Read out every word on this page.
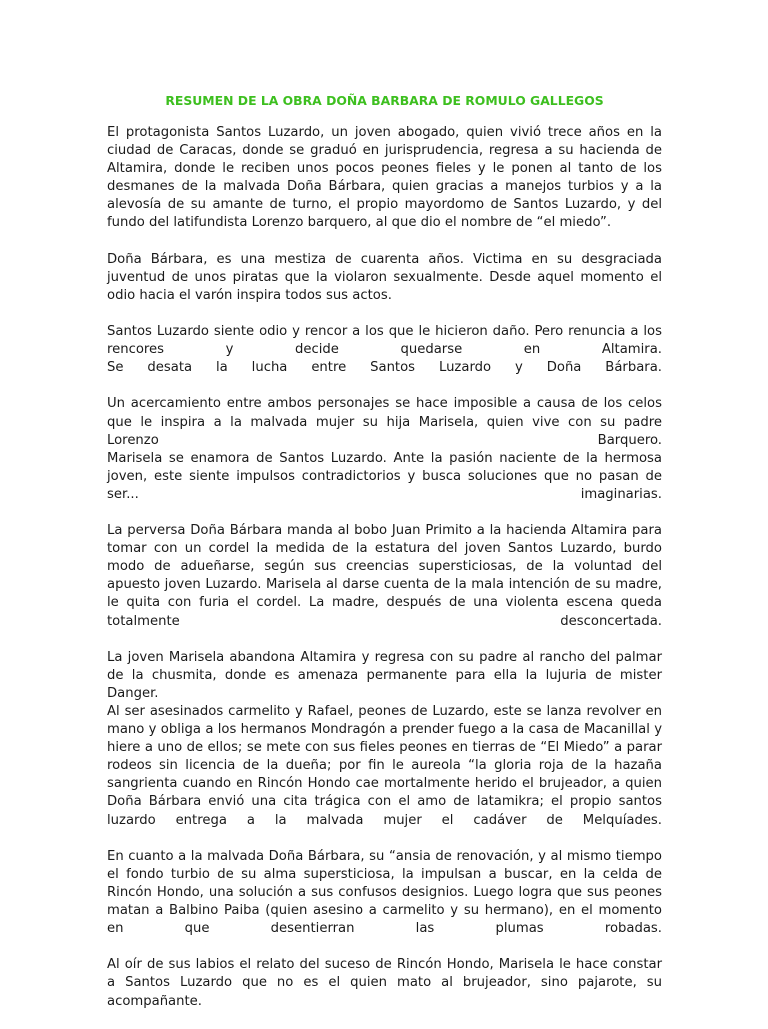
RESUMEN DE LA OBRA DOÑA BARBARA DE ROMULO GALLEGOS
El protagonista Santos Luzardo, un joven abogado, quien vivió trece años en la
ciudad de Caracas, donde se graduó en jurisprudencia, regresa a su hacienda de
Altamira, donde le reciben unos pocos peones fieles y le ponen al tanto de los
desmanes de la malvada Doña Bárbara, quien gracias a manejos turbios y a la
alevosía de su amante de turno, el propio mayordomo de Santos Luzardo, y del
fundo del latifundista Lorenzo barquero, al que dio el nombre de “el miedo”.
Doña Bárbara, es una mestiza de cuarenta años. Victima en su desgraciada
juventud de unos piratas que la violaron sexualmente. Desde aquel momento el
odio hacia el varón inspira todos sus actos.
Santos Luzardo siente odio y rencor a los que le hicieron daño. Pero renuncia a los
rencores y decide quedarse en Altamira.
Se desata la lucha entre Santos Luzardo y Doña Bárbara.
Un acercamiento entre ambos personajes se hace imposible a causa de los celos
que le inspira a la malvada mujer su hija Marisela, quien vive con su padre
Lorenzo Barquero.
Marisela se enamora de Santos Luzardo. Ante la pasión naciente de la hermosa
joven, este siente impulsos contradictorios y busca soluciones que no pasan de
ser... imaginarias.
La perversa Doña Bárbara manda al bobo Juan Primito a la hacienda Altamira para
tomar con un cordel la medida de la estatura del joven Santos Luzardo, burdo
modo de adueñarse, según sus creencias supersticiosas, de la voluntad del
apuesto joven Luzardo. Marisela al darse cuenta de la mala intención de su madre,
le quita con furia el cordel. La madre, después de una violenta escena queda
totalmente desconcertada.
La joven Marisela abandona Altamira y regresa con su padre al rancho del palmar
de la chusmita, donde es amenaza permanente para ella la lujuria de mister
Danger.
Al ser asesinados carmelito y Rafael, peones de Luzardo, este se lanza revolver en
mano y obliga a los hermanos Mondragón a prender fuego a la casa de Macanillal y
hiere a uno de ellos; se mete con sus fieles peones en tierras de “El Miedo” a parar
rodeos sin licencia de la dueña; por fin le aureola “la gloria roja de la hazaña
sangrienta cuando en Rincón Hondo cae mortalmente herido el brujeador, a quien
Doña Bárbara envió una cita trágica con el amo de latamikra; el propio santos
luzardo entrega a la malvada mujer el cadáver de Melquíades.
En cuanto a la malvada Doña Bárbara, su “ansia de renovación, y al mismo tiempo
el fondo turbio de su alma supersticiosa, la impulsan a buscar, en la celda de
Rincón Hondo, una solución a sus confusos designios. Luego logra que sus peones
matan a Balbino Paiba (quien asesino a carmelito y su hermano), en el momento
en que desentierran las plumas robadas.
Al oír de sus labios el relato del suceso de Rincón Hondo, Marisela le hace constar
a Santos Luzardo que no es el quien mato al brujeador, sino pajarote, su
acompañante.
